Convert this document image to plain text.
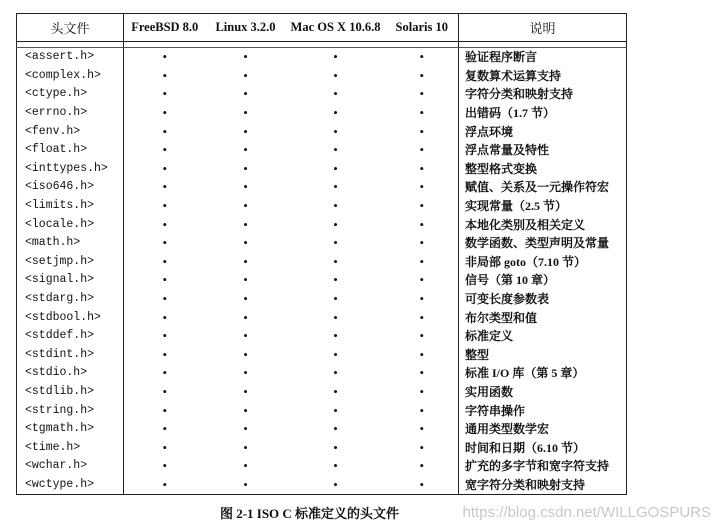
头文件	FreeBSD 8.0	Linux 3.2.0	Mac OS X 10.6.8	Solaris 10	说明

<assert.h>	•	•	•	•	验证程序断言
<complex.h>	•	•	•	•	复数算术运算支持
<ctype.h>	•	•	•	•	字符分类和映射支持
<errno.h>	•	•	•	•	出错码（1.7 节）
<fenv.h>	•	•	•	•	浮点环境
<float.h>	•	•	•	•	浮点常量及特性
<inttypes.h>	•	•	•	•	整型格式变换
<iso646.h>	•	•	•	•	赋值、关系及一元操作符宏
<limits.h>	•	•	•	•	实现常量（2.5 节）
<locale.h>	•	•	•	•	本地化类别及相关定义
<math.h>	•	•	•	•	数学函数、类型声明及常量
<setjmp.h>	•	•	•	•	非局部 goto（7.10 节）
<signal.h>	•	•	•	•	信号（第 10 章）
<stdarg.h>	•	•	•	•	可变长度参数表
<stdbool.h>	•	•	•	•	布尔类型和值
<stddef.h>	•	•	•	•	标准定义
<stdint.h>	•	•	•	•	整型
<stdio.h>	•	•	•	•	标准 I/O 库（第 5 章）
<stdlib.h>	•	•	•	•	实用函数
<string.h>	•	•	•	•	字符串操作
<tgmath.h>	•	•	•	•	通用类型数学宏
<time.h>	•	•	•	•	时间和日期（6.10 节）
<wchar.h>	•	•	•	•	扩充的多字节和宽字符支持
<wctype.h>	•	•	•	•	宽字符分类和映射支持
图 2-1 ISO C 标准定义的头文件	https://blog.csdn.net/WILLGOSPURS
